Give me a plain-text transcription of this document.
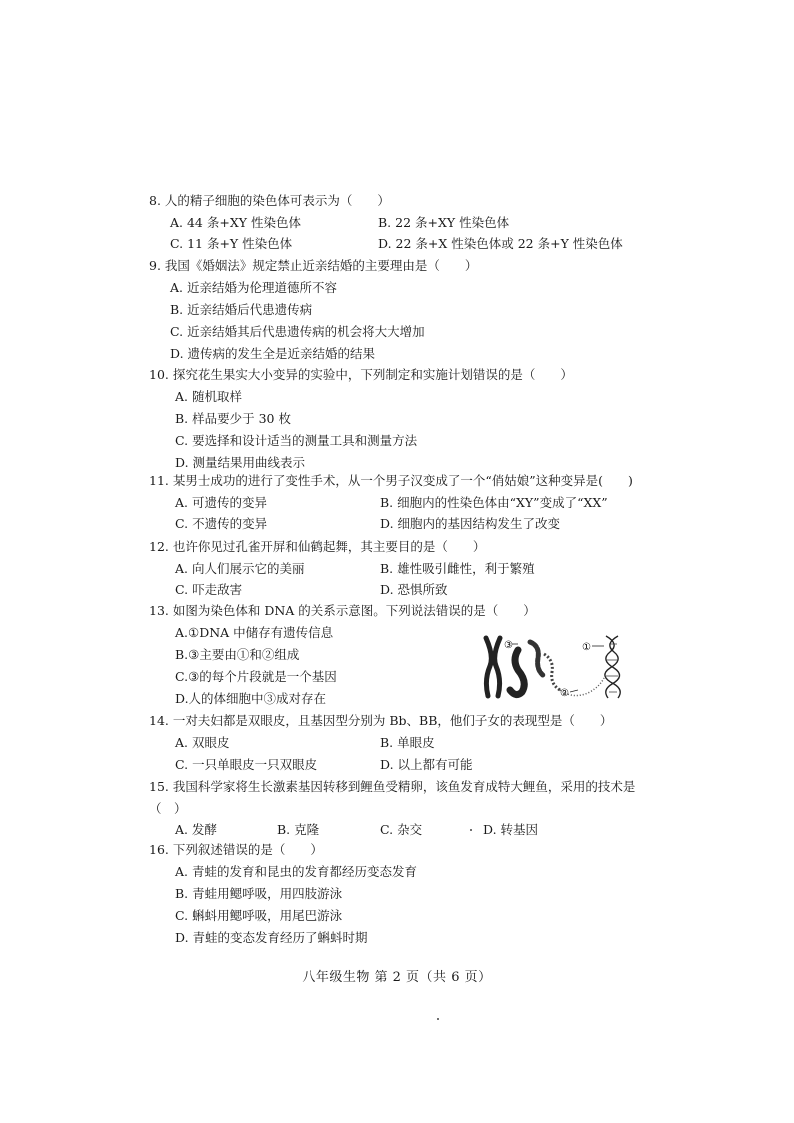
8. 人的精子细胞的染色体可表示为（　　）
A. 44 条+XY 性染色体	B. 22 条+XY 性染色体
C. 11 条+Y 性染色体	D. 22 条+X 性染色体或 22 条+Y 性染色体
9. 我国《婚姻法》规定禁止近亲结婚的主要理由是（　　）
A. 近亲结婚为伦理道德所不容
B. 近亲结婚后代患遗传病
C. 近亲结婚其后代患遗传病的机会将大大增加
D. 遗传病的发生全是近亲结婚的结果
10. 探究花生果实大小变异的实验中，下列制定和实施计划错误的是（　　）
A. 随机取样
B. 样品要少于 30 枚
C. 要选择和设计适当的测量工具和测量方法
D. 测量结果用曲线表示
11. 某男士成功的进行了变性手术，从一个男子汉变成了一个“俏姑娘”这种变异是(　　)
A. 可遗传的变异	B. 细胞内的性染色体由“XY”变成了“XX”
C. 不遗传的变异	D. 细胞内的基因结构发生了改变
12. 也许你见过孔雀开屏和仙鹤起舞，其主要目的是（　　）
A. 向人们展示它的美丽	B. 雄性吸引雌性，利于繁殖
C. 吓走敌害	D. 恐惧所致
13. 如图为染色体和 DNA 的关系示意图。下列说法错误的是（　　）
A.①DNA 中储存有遗传信息
B.③主要由①和②组成
C.③的每个片段就是一个基因
D.人的体细胞中③成对存在
③	①
②
14. 一对夫妇都是双眼皮，且基因型分别为 Bb、BB，他们子女的表现型是（　　）
A. 双眼皮	B. 单眼皮
C. 一只单眼皮一只双眼皮	D. 以上都有可能
15. 我国科学家将生长激素基因转移到鲤鱼受精卵，该鱼发育成特大鲤鱼，采用的技术是（　）
A. 发酵	B. 克隆	C. 杂交	D. 转基因
16. 下列叙述错误的是（　　）
A. 青蛙的发育和昆虫的发育都经历变态发育
B. 青蛙用鳃呼吸，用四肢游泳
C. 蝌蚪用鳃呼吸，用尾巴游泳
D. 青蛙的变态发育经历了蝌蚪时期
八年级生物 第 2 页（共 6 页）
